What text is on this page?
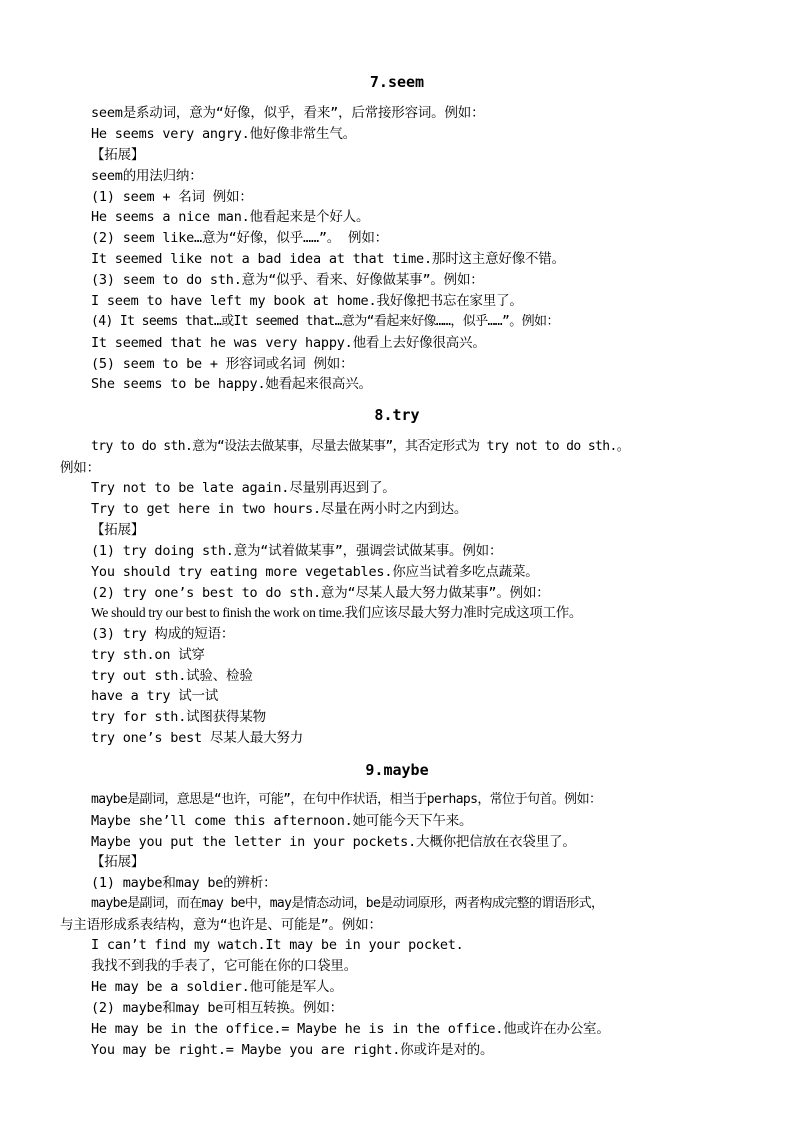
7.seem
seem是系动词，意为“好像，似乎，看来”，后常接形容词。例如：
He seems very angry.他好像非常生气。
【拓展】
seem的用法归纳：
(1) seem + 名词 例如：
He seems a nice man.他看起来是个好人。
(2) seem like…意为“好像，似乎……”。 例如：
It seemed like not a bad idea at that time.那时这主意好像不错。
(3) seem to do sth.意为“似乎、看来、好像做某事”。例如：
I seem to have left my book at home.我好像把书忘在家里了。
(4) It seems that…或It seemed that…意为“看起来好像……，似乎……”。例如：
It seemed that he was very happy.他看上去好像很高兴。
(5) seem to be + 形容词或名词 例如：
She seems to be happy.她看起来很高兴。
8.try
try to do sth.意为“设法去做某事，尽量去做某事”，其否定形式为 try not to do sth.。
例如：
Try not to be late again.尽量别再迟到了。
Try to get here in two hours.尽量在两小时之内到达。
【拓展】
(1) try doing sth.意为“试着做某事”，强调尝试做某事。例如：
You should try eating more vegetables.你应当试着多吃点蔬菜。
(2) try one’s best to do sth.意为“尽某人最大努力做某事”。例如：
We should try our best to finish the work on time.我们应该尽最大努力准时完成这项工作。
(3) try 构成的短语：
try sth.on 试穿
try out sth.试验、检验
have a try 试一试
try for sth.试图获得某物
try one’s best 尽某人最大努力
9.maybe
maybe是副词，意思是“也许，可能”，在句中作状语，相当于perhaps，常位于句首。例如：
Maybe she’ll come this afternoon.她可能今天下午来。
Maybe you put the letter in your pockets.大概你把信放在衣袋里了。
【拓展】
(1) maybe和may be的辨析：
maybe是副词，而在may be中，may是情态动词，be是动词原形，两者构成完整的谓语形式，
与主语形成系表结构，意为“也许是、可能是”。例如：
I can’t find my watch.It may be in your pocket.
我找不到我的手表了，它可能在你的口袋里。
He may be a soldier.他可能是军人。
(2) maybe和may be可相互转换。例如：
He may be in the office.= Maybe he is in the office.他或许在办公室。
You may be right.= Maybe you are right.你或许是对的。
